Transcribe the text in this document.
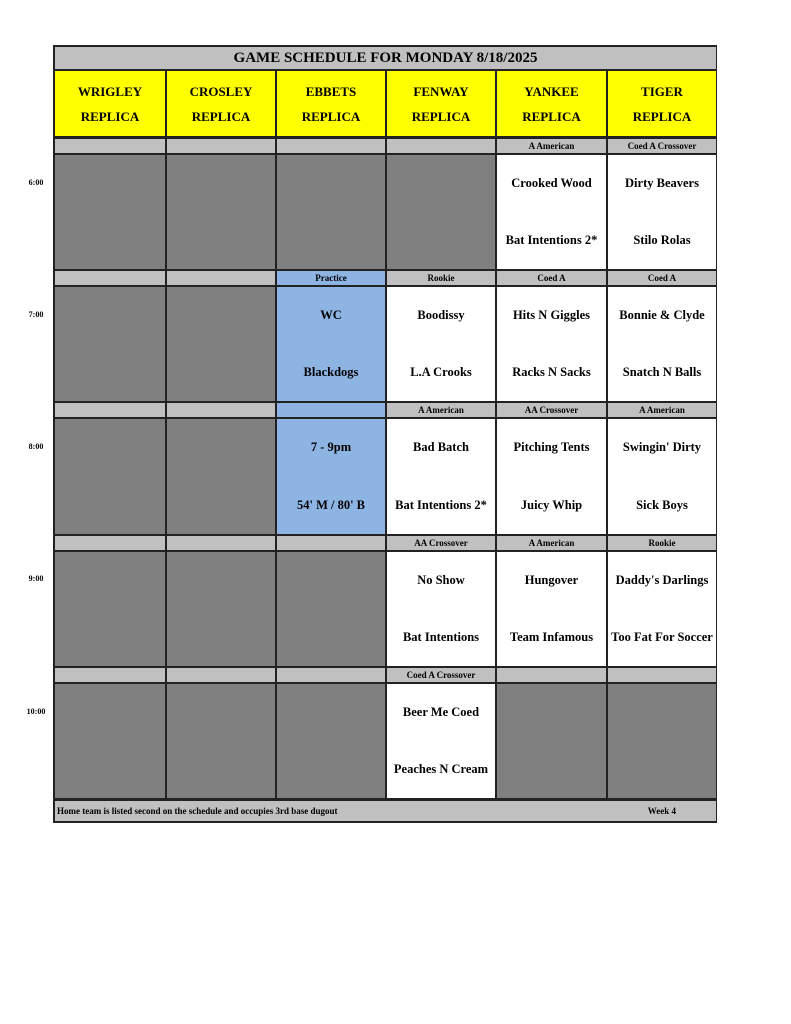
GAME SCHEDULE FOR MONDAY 8/18/2025
WRIGLEY
REPLICA
CROSLEY
REPLICA
EBBETS
REPLICA
FENWAY
REPLICA
YANKEE
REPLICA
TIGER
REPLICA
A American
Crooked Wood
Bat Intentions 2*
Coed A Crossover
Dirty Beavers
Stilo Rolas
Practice
WC
Blackdogs
Rookie
Boodissy
L.A Crooks
Coed A
Hits N Giggles
Racks N Sacks
Coed A
Bonnie & Clyde
Snatch N Balls
7 - 9pm
54' M / 80' B
A American
Bad Batch
Bat Intentions 2*
AA Crossover
Pitching Tents
Juicy Whip
A American
Swingin' Dirty
Sick Boys
AA Crossover
No Show
Bat Intentions
A American
Hungover
Team Infamous
Rookie
Daddy's Darlings
Too Fat For Soccer
Coed A Crossover
Beer Me Coed
Peaches N Cream
Home team is listed second on the schedule and occupies 3rd base dugout	Week 4
6:00
7:00
8:00
9:00
10:00
